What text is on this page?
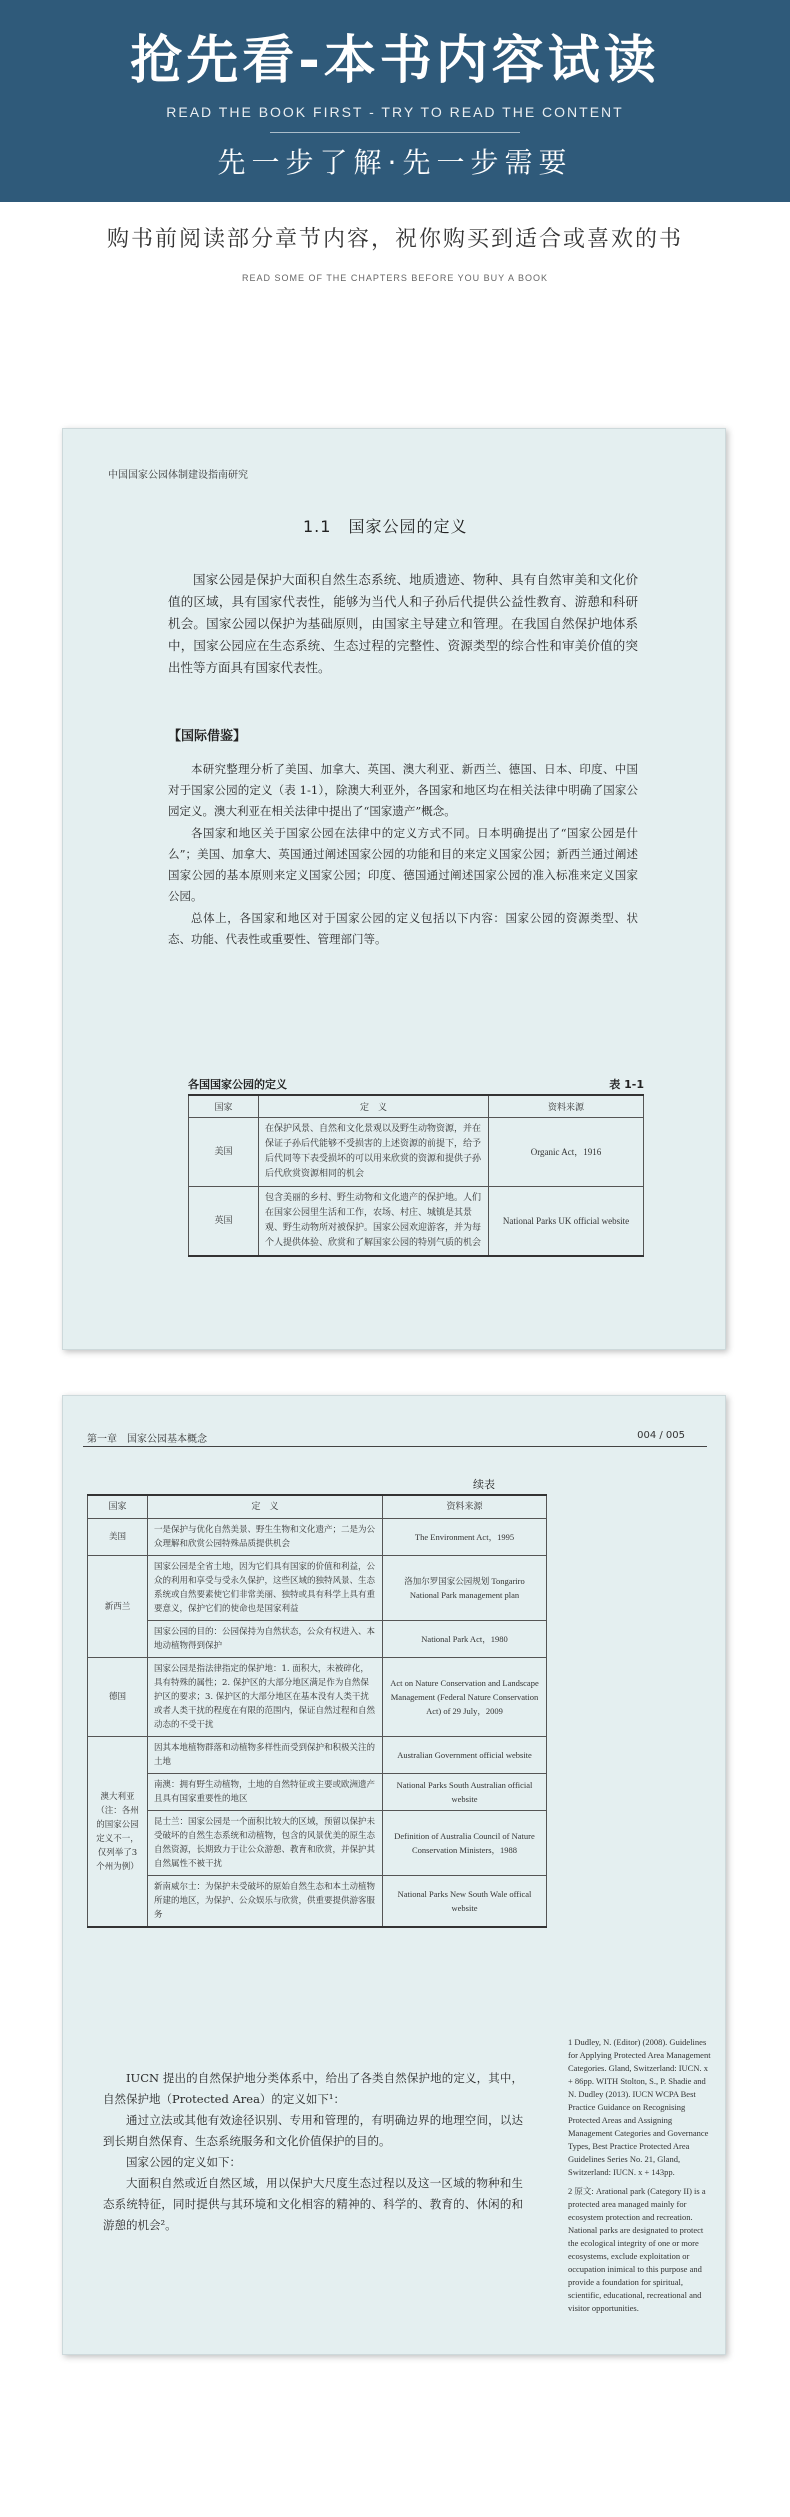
抢先看-本书内容试读
READ THE BOOK FIRST - TRY TO READ THE CONTENT
先一步了解·先一步需要
购书前阅读部分章节内容，祝你购买到适合或喜欢的书
READ SOME OF THE CHAPTERS BEFORE YOU BUY A BOOK
中国国家公园体制建设指南研究
1.1　国家公园的定义
国家公园是保护大面积自然生态系统、地质遗迹、物种、具有自然审美和文化价值的区域，具有国家代表性，能够为当代人和子孙后代提供公益性教育、游憩和科研机会。国家公园以保护为基础原则，由国家主导建立和管理。在我国自然保护地体系中，国家公园应在生态系统、生态过程的完整性、资源类型的综合性和审美价值的突出性等方面具有国家代表性。
【国际借鉴】

本研究整理分析了美国、加拿大、英国、澳大利亚、新西兰、德国、日本、印度、中国对于国家公园的定义（表 1-1），除澳大利亚外，各国家和地区均在相关法律中明确了国家公园定义。澳大利亚在相关法律中提出了“国家遗产”概念。

各国家和地区关于国家公园在法律中的定义方式不同。日本明确提出了“国家公园是什么”；美国、加拿大、英国通过阐述国家公园的功能和目的来定义国家公园；新西兰通过阐述国家公园的基本原则来定义国家公园；印度、德国通过阐述国家公园的准入标准来定义国家公园。

总体上，各国家和地区对于国家公园的定义包括以下内容：国家公园的资源类型、状态、功能、代表性或重要性、管理部门等。

各国国家公园的定义	表 1-1
国家	定　义	资料来源
美国	在保护风景、自然和文化景观以及野生动物资源，并在保证子孙后代能够不受损害的上述资源的前提下，给予后代同等下表受损坏的可以用来欣赏的资源和提供子孙后代欣赏资源相同的机会	Organic Act，1916
英国	包含美丽的乡村、野生动物和文化遗产的保护地。人们在国家公园里生活和工作，农场、村庄、城镇是其景观、野生动物所对被保护。国家公园欢迎游客，并为每个人提供体验、欣赏和了解国家公园的特别气质的机会	National Parks UK official website
第一章　国家公园基本概念	004 / 005
续表
国家	定　义	资料来源
美国	一是保护与优化自然美景、野生生物和文化遗产；二是为公众理解和欣赏公园特殊品质提供机会	The Environment Act，1995
新西兰	国家公园是全省土地，因为它们具有国家的价值和利益，公众的利用和享受与受永久保护，这些区域的独特风景、生态系统或自然要素使它们非常美丽、独特或具有科学上具有重要意义，保护它们的使命也是国家利益	洛加尔罗国家公园规划 Tongariro National Park management plan
	国家公园的目的：公园保持为自然状态，公众有权进入、本地动植物得到保护	National Park Act，1980
德国	国家公园是指法律指定的保护地：1. 面积大，未被碎化，具有特殊的属性；2. 保护区的大部分地区满足作为自然保护区的要求；3. 保护区的大部分地区在基本没有人类干扰或者人类干扰的程度在有限的范围内，保证自然过程和自然动态的不受干扰	Act on Nature Conservation and Landscape Management (Federal Nature Conservation Act) of 29 July，2009
澳大利亚（注：各州的国家公园定义不一，仅列举了3个州为例）	因其本地植物群落和动植物多样性而受到保护和积极关注的土地	Australian Government official website
	南澳：拥有野生动植物，土地的自然特征或主要或欧洲遗产且具有国家重要性的地区	National Parks South Australian official website
	昆士兰：国家公园是一个面积比较大的区域，预留以保护未受破坏的自然生态系统和动植物，包含的风景优美的原生态自然资源，长期致力于让公众游憩、教育和欣赏，并保护其自然属性不被干扰	Definition of Australia Council of Nature Conservation Ministers，1988
	新南威尔士：为保护未受破坏的原始自然生态和本土动植物所建的地区，为保护、公众娱乐与欣赏，供重要提供游客服务	National Parks New South Wale offical website

IUCN 提出的自然保护地分类体系中，给出了各类自然保护地的定义，其中，自然保护地（Protected Area）的定义如下¹：

通过立法或其他有效途径识别、专用和管理的，有明确边界的地理空间，以达到长期自然保育、生态系统服务和文化价值保护的目的。

国家公园的定义如下：

大面积自然或近自然区域，用以保护大尺度生态过程以及这一区域的物种和生态系统特征，同时提供与其环境和文化相容的精神的、科学的、教育的、休闲的和游憩的机会²。

1 Dudley, N. (Editor) (2008). Guidelines for Applying Protected Area Management Categories. Gland, Switzerland: IUCN. x + 86pp. WITH Stolton, S., P. Shadie and N. Dudley (2013). IUCN WCPA Best Practice Guidance on Recognising Protected Areas and Assigning Management Categories and Governance Types, Best Practice Protected Area Guidelines Series No. 21, Gland, Switzerland: IUCN. x + 143pp.

2 原文: Arational park (Category II) is a protected area managed mainly for ecosystem protection and recreation. National parks are designated to protect the ecological integrity of one or more ecosystems, exclude exploitation or occupation inimical to this purpose and provide a foundation for spiritual, scientific, educational, recreational and visitor opportunities.
